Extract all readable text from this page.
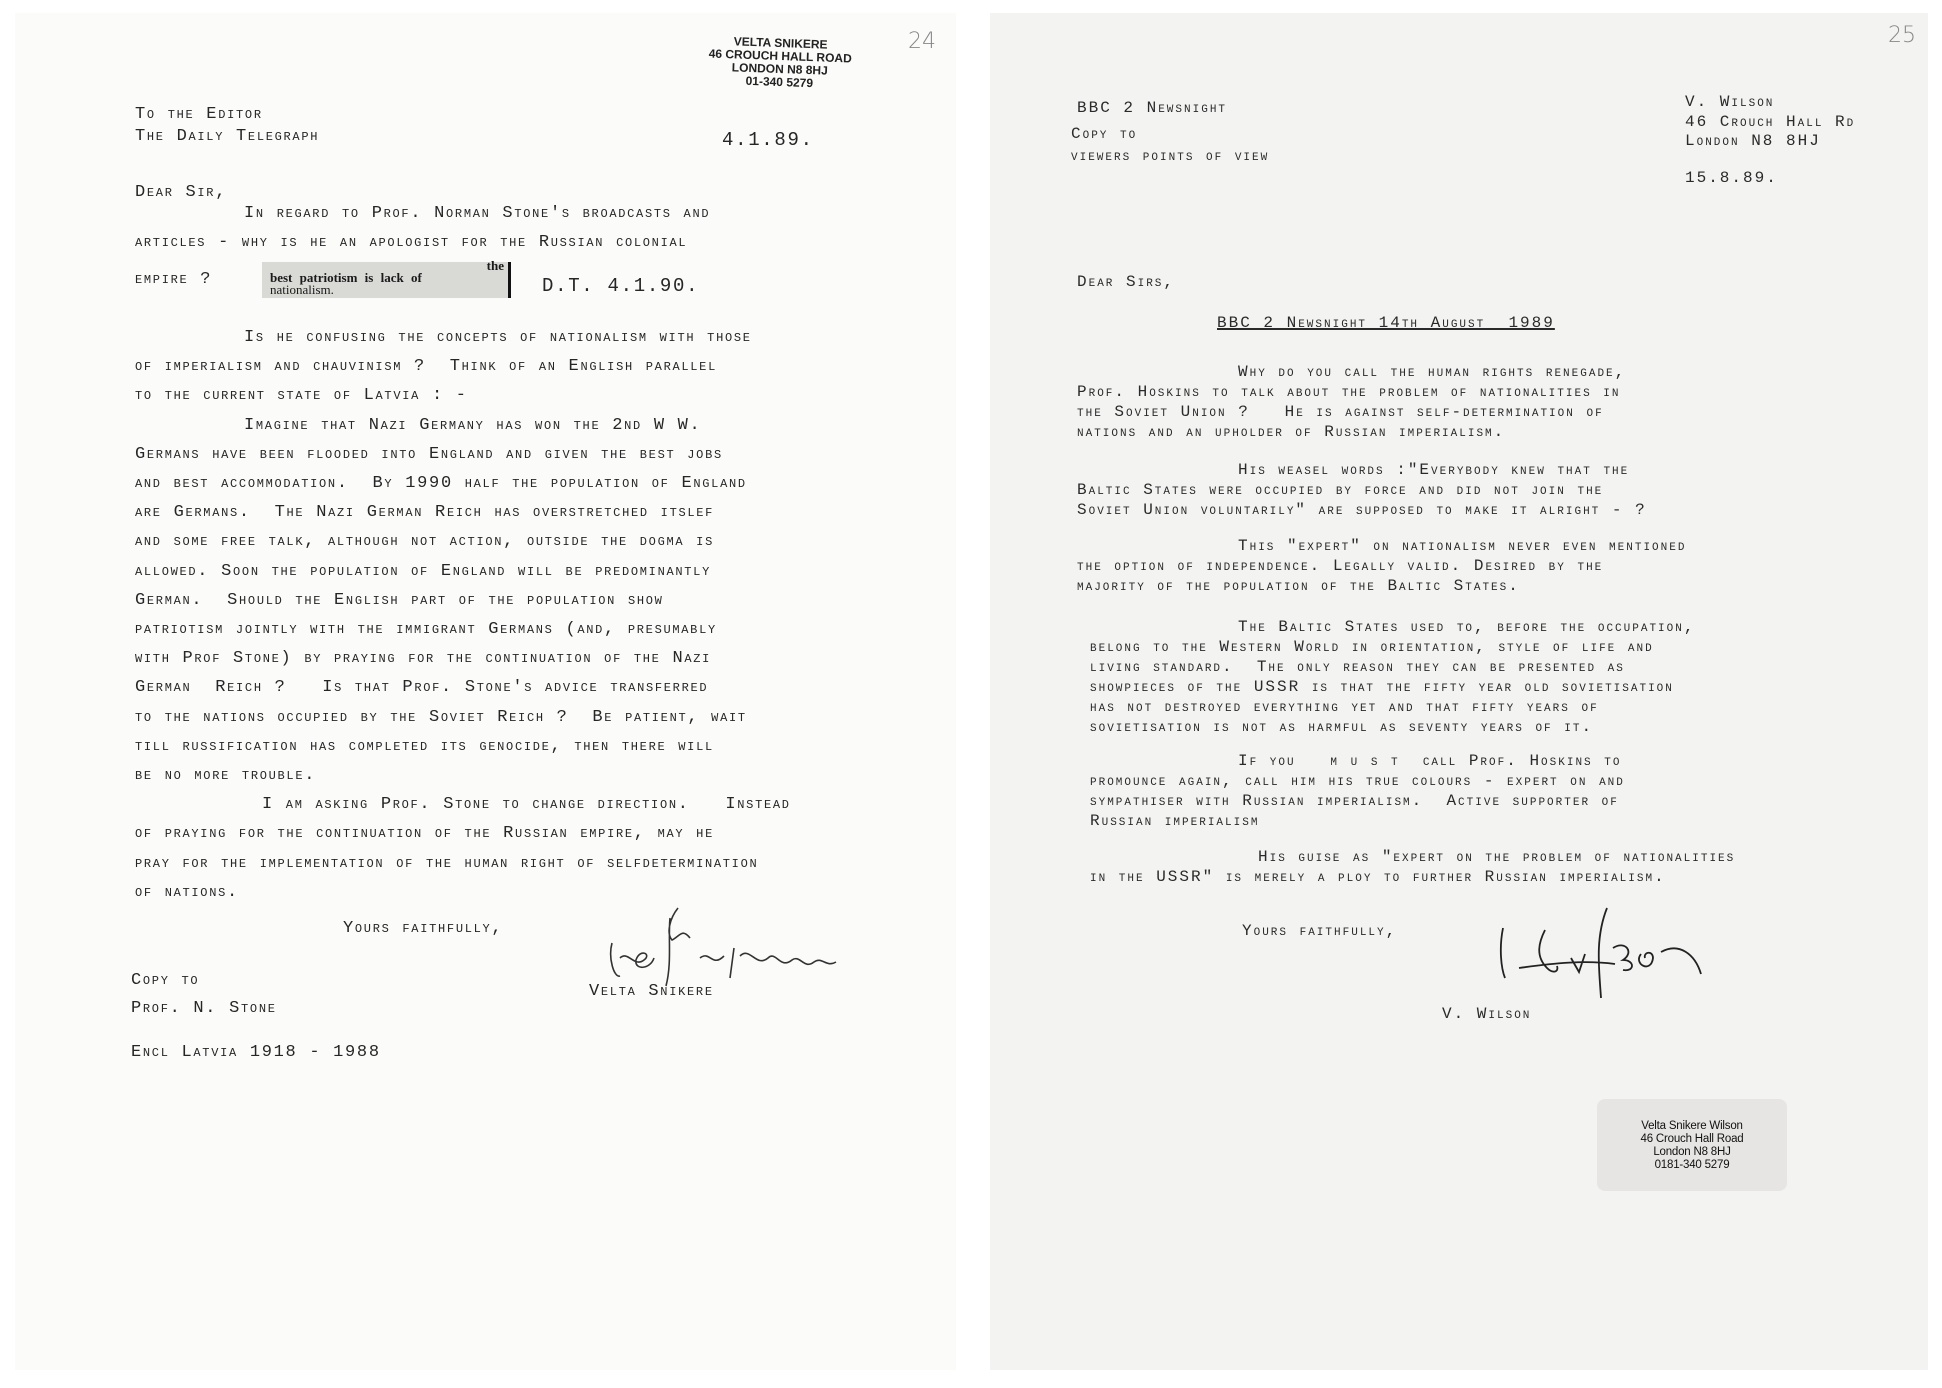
24
VELTA SNIKERE
46 CROUCH HALL ROAD
LONDON N8 8HJ
01-340 5279
To the Editor
The Daily Telegraph	4.1.89.
Dear Sir,
In regard to Prof. Norman Stone's broadcasts and
articles - why is he an apologist for the Russian colonial
empire ?
the
best patriotism is lack of
nationalism.	D.T. 4.1.90.
Is he confusing the concepts of nationalism with those
of imperialism and chauvinism ?  Think of an English parallel
to the current state of Latvia : -
Imagine that Nazi Germany has won the 2nd W W.
Germans have been flooded into England and given the best jobs
and best accommodation.  By 1990 half the population of England
are Germans.  The Nazi German Reich has overstretched itslef
and some free talk, although not action, outside the dogma is
allowed. Soon the population of England will be predominantly
German.  Should the English part of the population show
patriotism jointly with the immigrant Germans (and, presumably
with Prof Stone) by praying for the continuation of the Nazi
German  Reich ?   Is that Prof. Stone's advice transferred
to the nations occupied by the Soviet Reich ?  Be patient, wait
till russification has completed its genocide, then there will
be no more trouble.
I am asking Prof. Stone to change direction.   Instead
of praying for the continuation of the Russian empire, may he
pray for the implementation of the human right of selfdetermination
of nations.
Yours faithfully,
Copy to
Prof. N. Stone
Velta Snikere
Encl Latvia 1918 - 1988
25
BBC 2 Newsnight
Copy to
viewers points of view
V. Wilson
46 Crouch Hall Rd
London N8 8HJ
15.8.89.
Dear Sirs,
BBC 2 Newsnight 14th August  1989
Why do you call the human rights renegade,
Prof. Hoskins to talk about the problem of nationalities in
the Soviet Union ?   He is against self-determination of
nations and an upholder of Russian imperialism.
His weasel words :"Everybody knew that the
Baltic States were occupied by force and did not join the
Soviet Union voluntarily" are supposed to make it alright - ?
This "expert" on nationalism never even mentioned
the option of independence. Legally valid. Desired by the
majority of the population of the Baltic States.
The Baltic States used to, before the occupation,
belong to the Western World in orientation, style of life and
living standard.  The only reason they can be presented as
showpieces of the USSR is that the fifty year old sovietisation
has not destroyed everything yet and that fifty years of
sovietisation is not as harmful as seventy years of it.
If you   m u s t  call Prof. Hoskins to
promounce again, call him his true colours - expert on and
sympathiser with Russian imperialism.  Active supporter of
Russian imperialism
His guise as "expert on the problem of nationalities
in the USSR" is merely a ploy to further Russian imperialism.
Yours faithfully,
V. Wilson
Velta Snikere Wilson
46 Crouch Hall Road
London N8 8HJ
0181-340 5279
